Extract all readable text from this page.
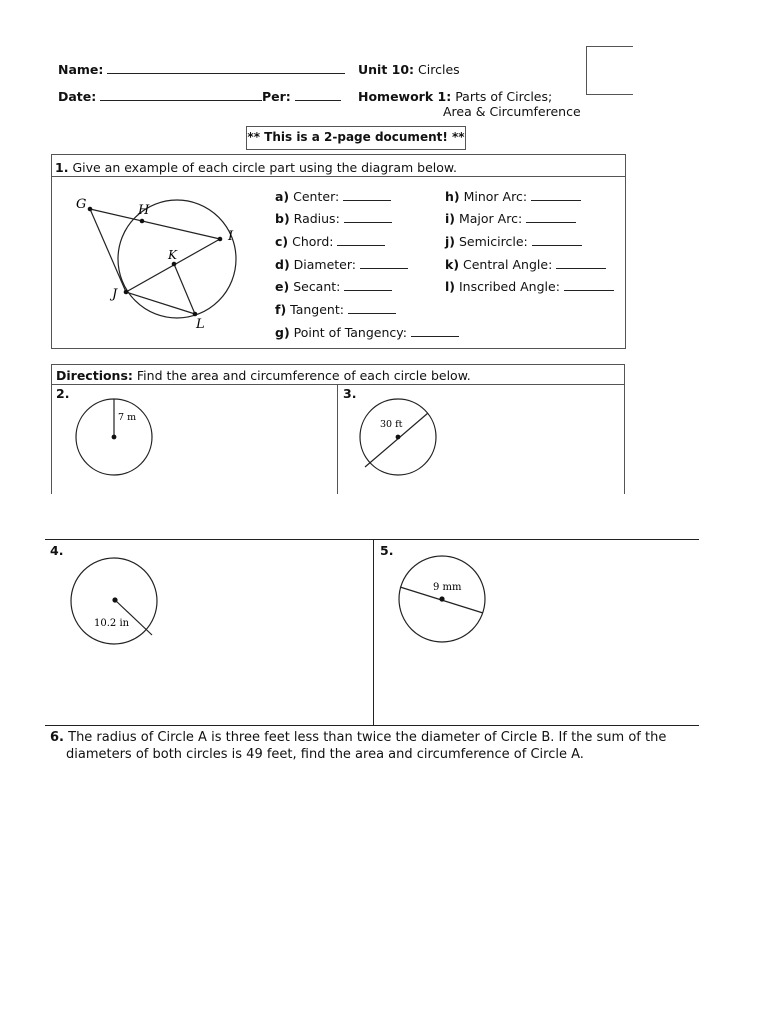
Name:	Unit 10: Circles
Date:	Per:	Homework 1: Parts of Circles;
Area & Circumference
** This is a 2-page document! **
1. Give an example of each circle part using the diagram below.
G	H
I
K
J
L
a) Center:
b) Radius:
c) Chord:
d) Diameter:
e) Secant:
f) Tangent:
g) Point of Tangency:
h) Minor Arc:
i) Major Arc:
j) Semicircle:
k) Central Angle:
l) Inscribed Angle:
Directions: Find the area and circumference of each circle below.
2.
7 m
3.
30 ft
4.
10.2 in
5.
9 mm
6. The radius of Circle A is three feet less than twice the diameter of Circle B. If the sum of the
diameters of both circles is 49 feet, find the area and circumference of Circle A.
